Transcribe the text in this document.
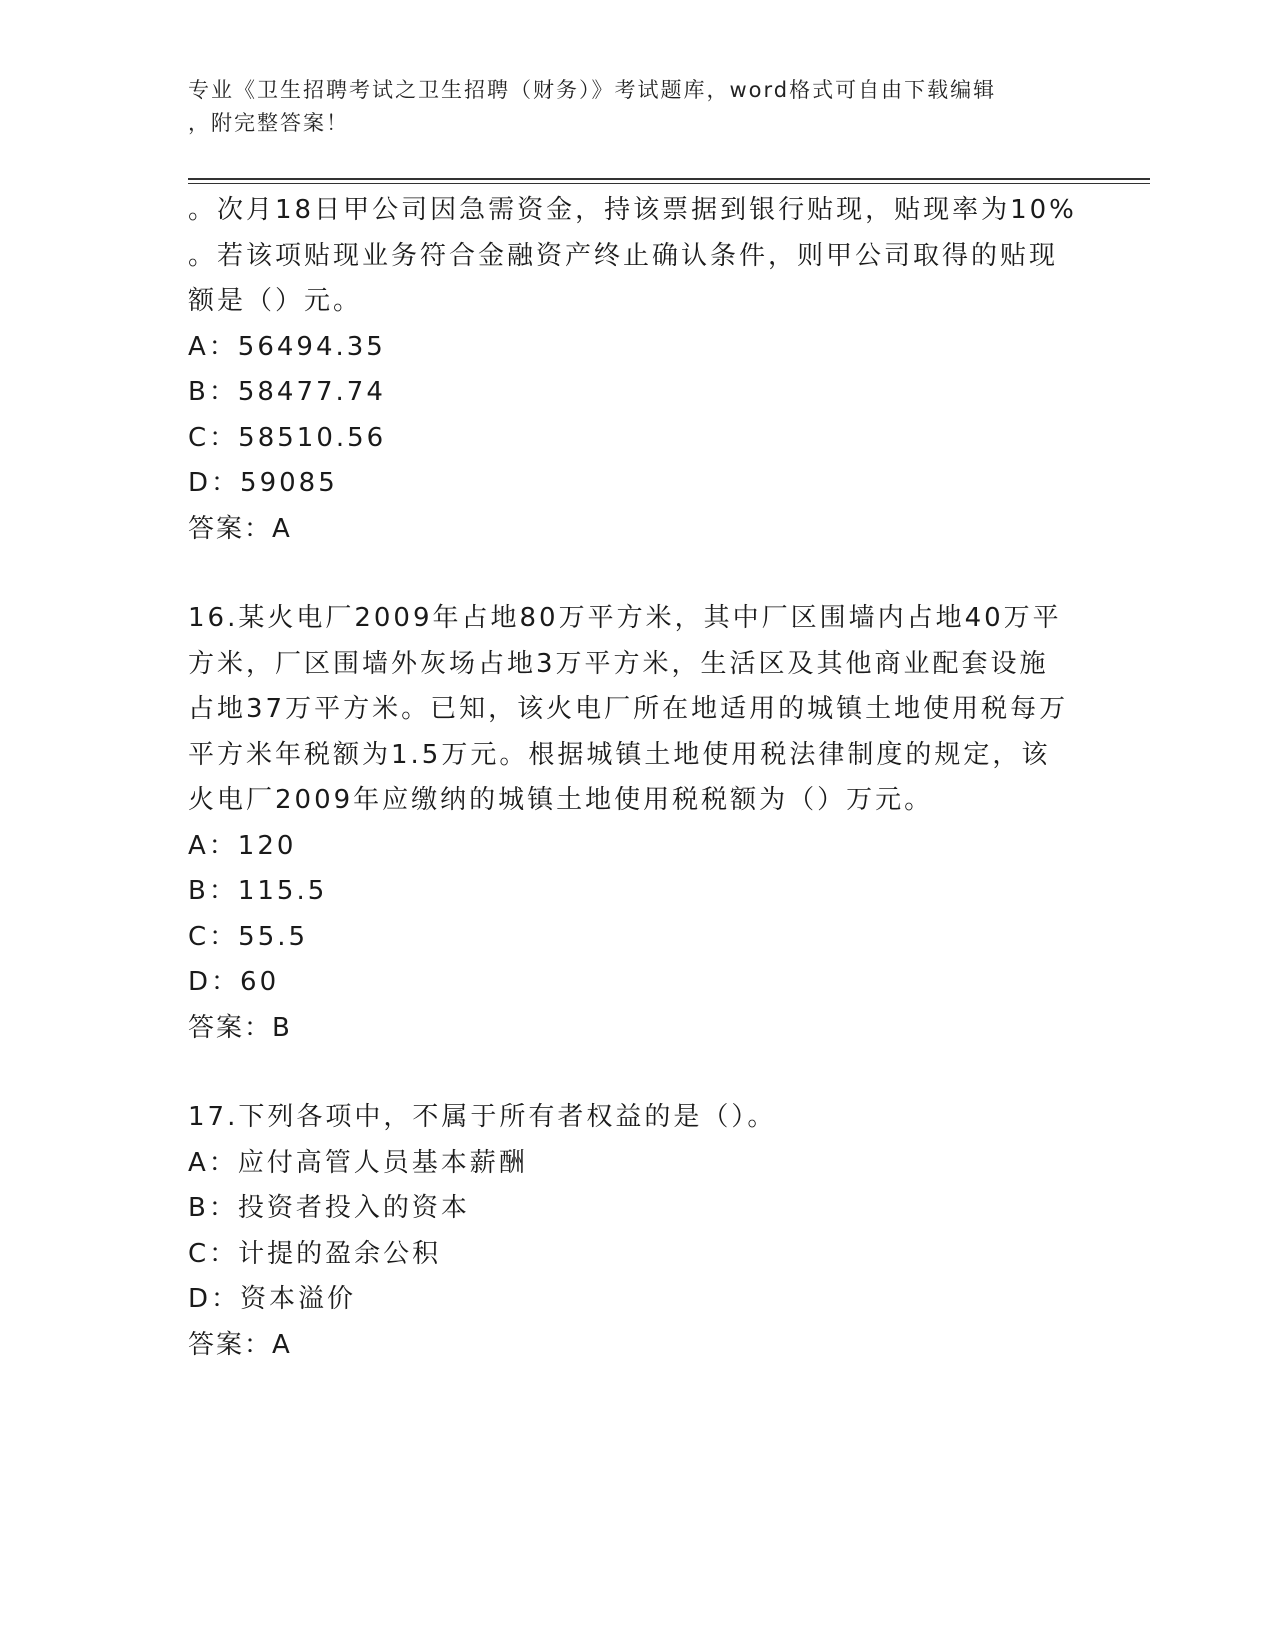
专业《卫生招聘考试之卫生招聘（财务）》考试题库，word格式可自由下载编辑
，附完整答案！
。次月18日甲公司因急需资金，持该票据到银行贴现，贴现率为10%
。若该项贴现业务符合金融资产终止确认条件，则甲公司取得的贴现
额是（）元。
A：56494.35
B：58477.74
C：58510.56
D：59085
答案：A
16.某火电厂2009年占地80万平方米，其中厂区围墙内占地40万平
方米，厂区围墙外灰场占地3万平方米，生活区及其他商业配套设施
占地37万平方米。已知，该火电厂所在地适用的城镇土地使用税每万
平方米年税额为1.5万元。根据城镇土地使用税法律制度的规定，该
火电厂2009年应缴纳的城镇土地使用税税额为（）万元。
A：120
B：115.5
C：55.5
D：60
答案：B
17.下列各项中，不属于所有者权益的是（）。
A：应付高管人员基本薪酬
B：投资者投入的资本
C：计提的盈余公积
D：资本溢价
答案：A
